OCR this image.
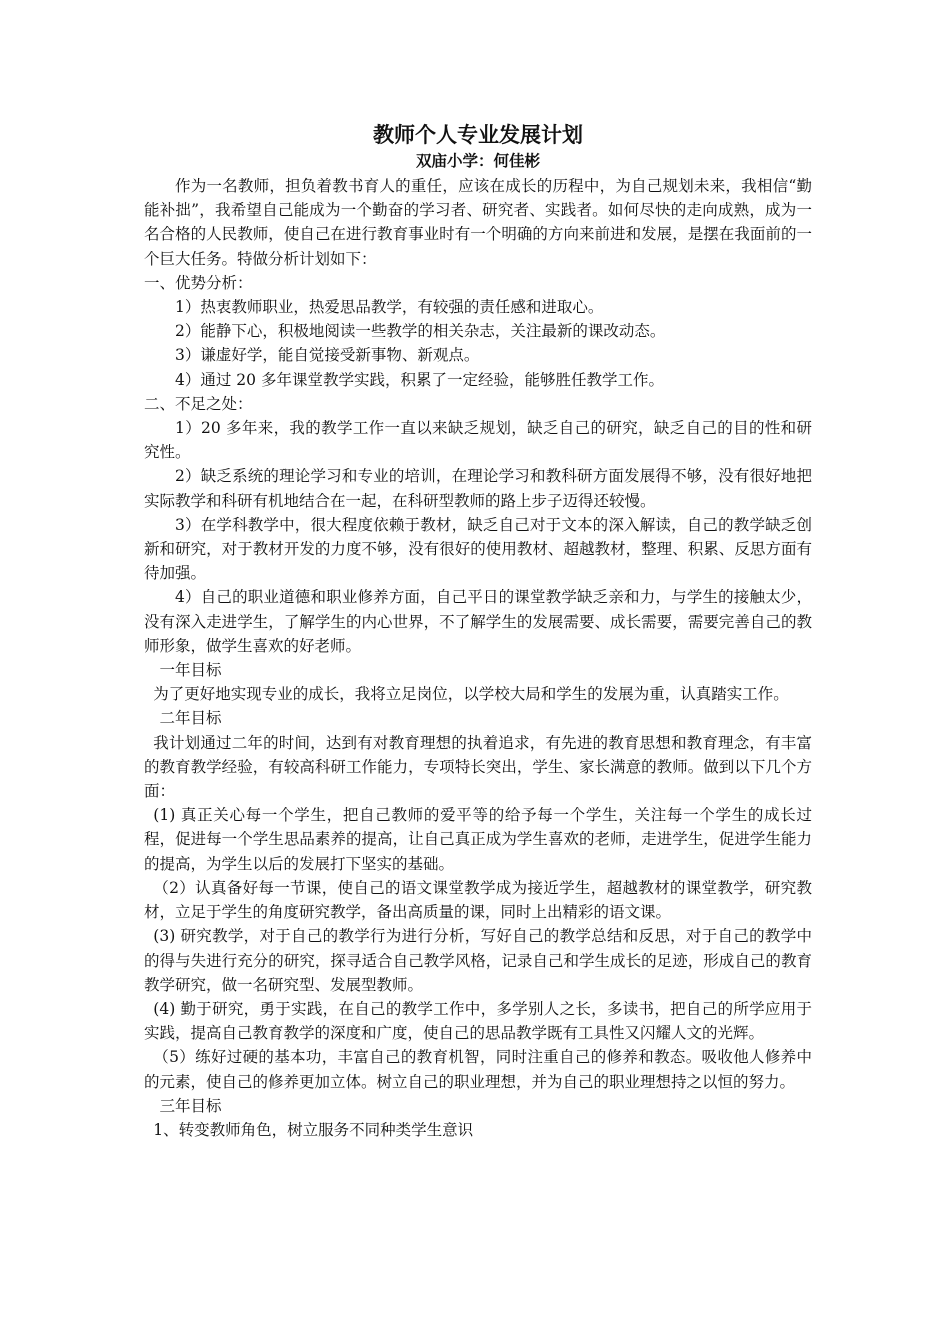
教师个人专业发展计划
双庙小学：何佳彬

作为一名教师，担负着教书育人的重任，应该在成长的历程中，为自己规划未来，我相信“勤能补拙”，我希望自己能成为一个勤奋的学习者、研究者、实践者。如何尽快的走向成熟，成为一名合格的人民教师，使自己在进行教育事业时有一个明确的方向来前进和发展，是摆在我面前的一个巨大任务。特做分析计划如下：

一、优势分析：

1）热衷教师职业，热爱思品教学，有较强的责任感和进取心。

2）能静下心，积极地阅读一些教学的相关杂志，关注最新的课改动态。

3）谦虚好学，能自觉接受新事物、新观点。

4）通过 20 多年课堂教学实践，积累了一定经验，能够胜任教学工作。

二、不足之处：

1）20 多年来，我的教学工作一直以来缺乏规划，缺乏自己的研究，缺乏自己的目的性和研究性。

2）缺乏系统的理论学习和专业的培训，在理论学习和教科研方面发展得不够，没有很好地把实际教学和科研有机地结合在一起，在科研型教师的路上步子迈得还较慢。

3）在学科教学中，很大程度依赖于教材，缺乏自己对于文本的深入解读，自己的教学缺乏创新和研究，对于教材开发的力度不够，没有很好的使用教材、超越教材，整理、积累、反思方面有待加强。

4）自己的职业道德和职业修养方面，自己平日的课堂教学缺乏亲和力，与学生的接触太少，没有深入走进学生，了解学生的内心世界，不了解学生的发展需要、成长需要，需要完善自己的教师形象，做学生喜欢的好老师。

一年目标

为了更好地实现专业的成长，我将立足岗位，以学校大局和学生的发展为重，认真踏实工作。

二年目标

我计划通过二年的时间，达到有对教育理想的执着追求，有先进的教育思想和教育理念，有丰富的教育教学经验，有较高科研工作能力，专项特长突出，学生、家长满意的教师。做到以下几个方面：

(1) 真正关心每一个学生，把自己教师的爱平等的给予每一个学生，关注每一个学生的成长过程，促进每一个学生思品素养的提高，让自己真正成为学生喜欢的老师，走进学生，促进学生能力的提高，为学生以后的发展打下坚实的基础。

（2）认真备好每一节课，使自己的语文课堂教学成为接近学生，超越教材的课堂教学，研究教材，立足于学生的角度研究教学，备出高质量的课，同时上出精彩的语文课。

(3) 研究教学，对于自己的教学行为进行分析，写好自己的教学总结和反思，对于自己的教学中的得与失进行充分的研究，探寻适合自己教学风格，记录自己和学生成长的足迹，形成自己的教育教学研究，做一名研究型、发展型教师。

(4) 勤于研究，勇于实践，在自己的教学工作中，多学别人之长，多读书，把自己的所学应用于实践，提高自己教育教学的深度和广度，使自己的思品教学既有工具性又闪耀人文的光辉。

（5）练好过硬的基本功，丰富自己的教育机智，同时注重自己的修养和教态。吸收他人修养中的元素，使自己的修养更加立体。树立自己的职业理想，并为自己的职业理想持之以恒的努力。

三年目标

1、转变教师角色，树立服务不同种类学生意识
